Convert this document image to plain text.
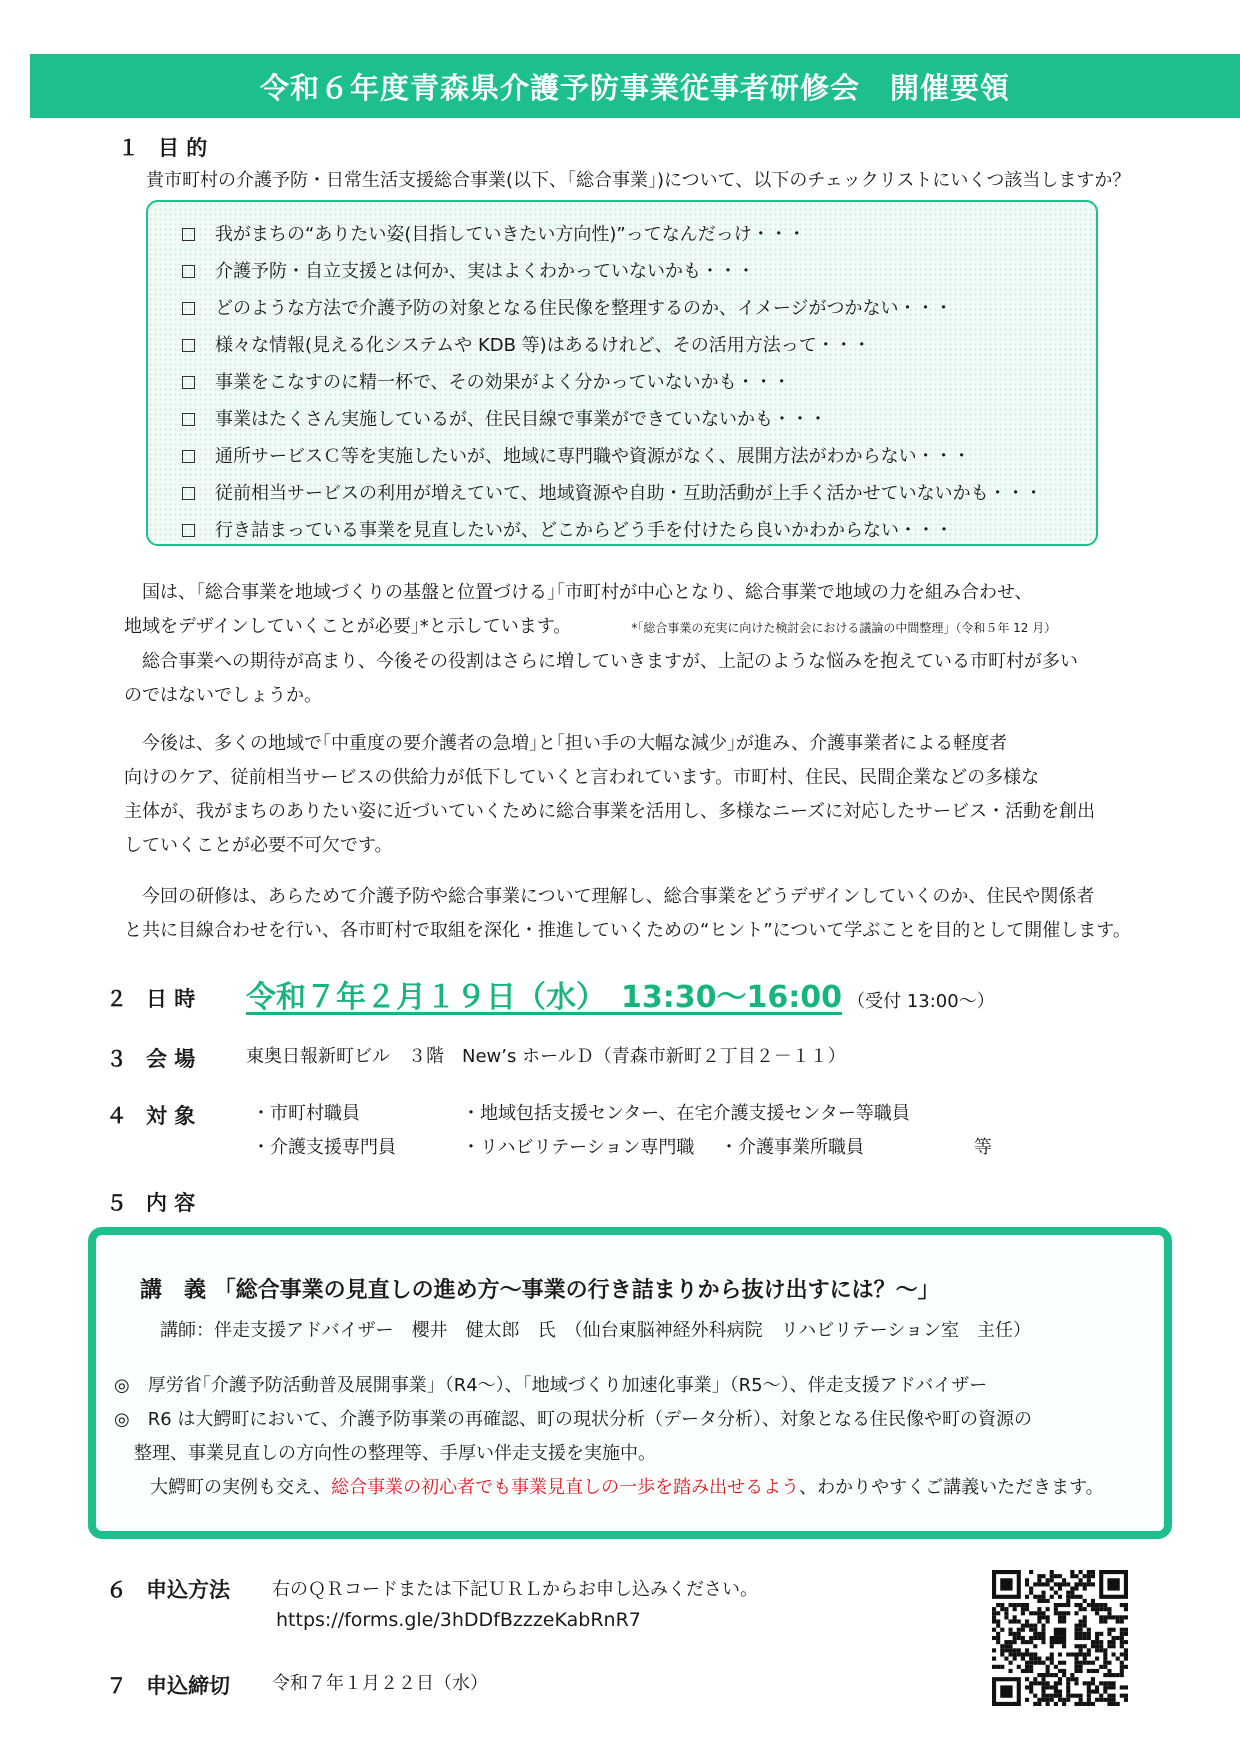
令和６年度青森県介護予防事業従事者研修会　開催要領
１ 目 的
貴市町村の介護予防・日常生活支援総合事業(以下、｢総合事業｣)について、以下のチェックリストにいくつ該当しますか？
我がまちの“ありたい姿(目指していきたい方向性)”ってなんだっけ・・・
介護予防・自立支援とは何か、実はよくわかっていないかも・・・
どのような方法で介護予防の対象となる住民像を整理するのか、イメージがつかない・・・
様々な情報(見える化システムや KDB 等)はあるけれど、その活用方法って・・・
事業をこなすのに精一杯で、その効果がよく分かっていないかも・・・
事業はたくさん実施しているが、住民目線で事業ができていないかも・・・
通所サービスＣ等を実施したいが、地域に専門職や資源がなく、展開方法がわからない・・・
従前相当サービスの利用が増えていて、地域資源や自助・互助活動が上手く活かせていないかも・・・
行き詰まっている事業を見直したいが、どこからどう手を付けたら良いかわからない・・・
　国は、｢総合事業を地域づくりの基盤と位置づける｣｢市町村が中心となり、総合事業で地域の力を組み合わせ、
地域をデザインしていくことが必要｣*と示しています。	*｢総合事業の充実に向けた検討会における議論の中間整理｣（令和５年 12 月）
　総合事業への期待が高まり、今後その役割はさらに増していきますが、上記のような悩みを抱えている市町村が多い
のではないでしょうか。
　今後は、多くの地域で｢中重度の要介護者の急増｣と｢担い手の大幅な減少｣が進み、介護事業者による軽度者
向けのケア、従前相当サービスの供給力が低下していくと言われています。市町村、住民、民間企業などの多様な
主体が、我がまちのありたい姿に近づいていくために総合事業を活用し、多様なニーズに対応したサービス・活動を創出
していくことが必要不可欠です。
　今回の研修は、あらためて介護予防や総合事業について理解し、総合事業をどうデザインしていくのか、住民や関係者
と共に目線合わせを行い、各市町村で取組を深化・推進していくための“ヒント”について学ぶことを目的として開催します。
２ 日 時 令和７年２月１９日（水）　13:30～16:00 （受付 13:00～）
３ 会 場	東奥日報新町ビル　３階　New’s ホールＤ（青森市新町２丁目２－１１）
４ 対 象	・市町村職員	・地域包括支援センター、在宅介護支援センター等職員
・介護支援専門員	・リハビリテーション専門職 ・介護事業所職員	等
５ 内 容
講　義 「総合事業の見直しの進め方～事業の行き詰まりから抜け出すには？～」
講師：伴走支援アドバイザー　櫻井　健太郎　氏　（仙台東脳神経外科病院　リハビリテーション室　主任）
◎　厚労省｢介護予防活動普及展開事業」（R4～）、｢地域づくり加速化事業」（R5～）、伴走支援アドバイザー
◎　R6 は大鰐町において、介護予防事業の再確認、町の現状分析（データ分析）、対象となる住民像や町の資源の
整理、事業見直しの方向性の整理等、手厚い伴走支援を実施中。
大鰐町の実例も交え、総合事業の初心者でも事業見直しの一歩を踏み出せるよう、わかりやすくご講義いただきます。
６ 申込方法 右のＱＲコードまたは下記ＵＲＬからお申し込みください。
https://forms.gle/3hDDfBzzzeKabRnR7
７ 申込締切 令和７年１月２２日（水）
